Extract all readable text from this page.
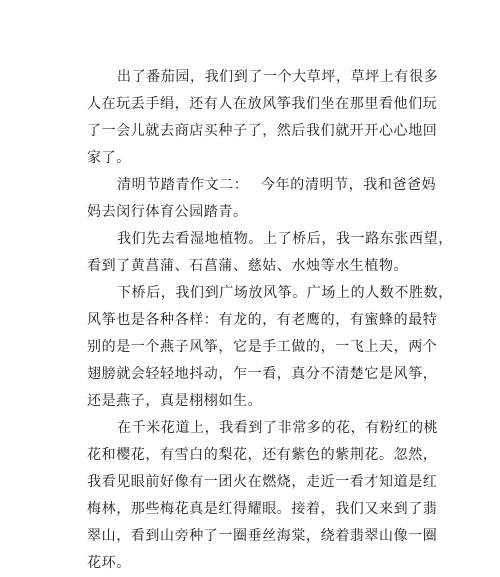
出了番茄园，我们到了一个大草坪，草坪上有很多
人在玩丢手绢，还有人在放风筝我们坐在那里看他们玩
了一会儿就去商店买种子了，然后我们就开开心心地回
家了。

清明节踏青作文二：　 今年的清明节，我和爸爸妈
妈去闵行体育公园踏青。

我们先去看湿地植物。上了桥后，我一路东张西望，
看到了黄菖蒲、石菖蒲、慈姑、水烛等水生植物。

下桥后，我们到广场放风筝。广场上的人数不胜数，
风筝也是各种各样：有龙的，有老鹰的，有蜜蜂的最特
别的是一个燕子风筝，它是手工做的，一飞上天，两个
翅膀就会轻轻地抖动，乍一看，真分不清楚它是风筝，
还是燕子，真是栩栩如生。

在千米花道上，我看到了非常多的花，有粉红的桃
花和樱花，有雪白的梨花，还有紫色的紫荆花。忽然，
我看见眼前好像有一团火在燃烧，走近一看才知道是红
梅林，那些梅花真是红得耀眼。接着，我们又来到了翡
翠山，看到山旁种了一圈垂丝海棠，绕着翡翠山像一圈
花环。
